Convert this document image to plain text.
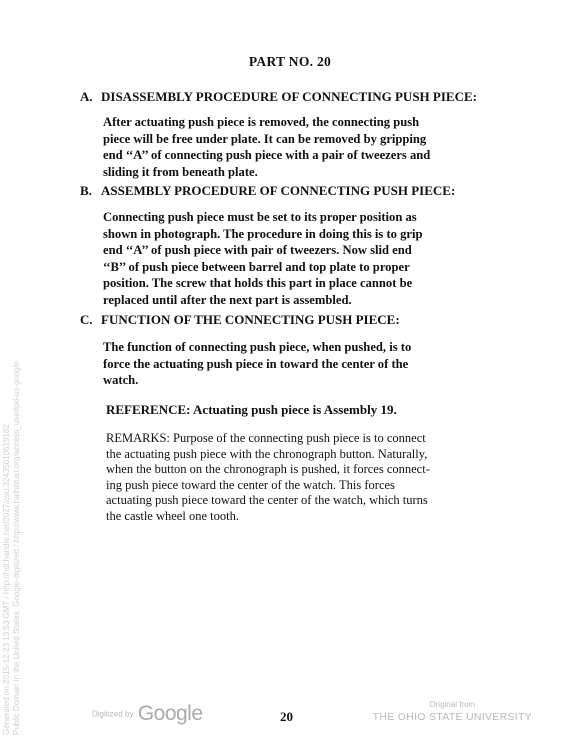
PART NO. 20
A. DISASSEMBLY PROCEDURE OF CONNECTING PUSH PIECE:
After actuating push piece is removed, the connecting push
piece will be free under plate. It can be removed by gripping
end ‘‘A’’ of connecting push piece with a pair of tweezers and
sliding it from beneath plate.
B. ASSEMBLY PROCEDURE OF CONNECTING PUSH PIECE:
Connecting push piece must be set to its proper position as
shown in photograph. The procedure in doing this is to grip
end ‘‘A’’ of push piece with pair of tweezers. Now slid end
‘‘B’’ of push piece between barrel and top plate to proper
position. The screw that holds this part in place cannot be
replaced until after the next part is assembled.
C. FUNCTION OF THE CONNECTING PUSH PIECE:
The function of connecting push piece, when pushed, is to
force the actuating push piece in toward the center of the
watch.
REFERENCE: Actuating push piece is Assembly 19.
REMARKS: Purpose of the connecting push piece is to connect
the actuating push piece with the chronograph button. Naturally,
when the button on the chronograph is pushed, it forces connect-
ing push piece toward the center of the watch. This forces
actuating push piece toward the center of the watch, which turns
the castle wheel one tooth.
Generated on 2015-12-23 13:53 GMT / http://hdl.handle.net/2027/osu.32435010619182 Public Domain in the United States, Google-digitized / http://www.hathitrust.org/access_use#pd-us-google	Digitized by Google	20
Original from
THE OHIO STATE UNIVERSITY
